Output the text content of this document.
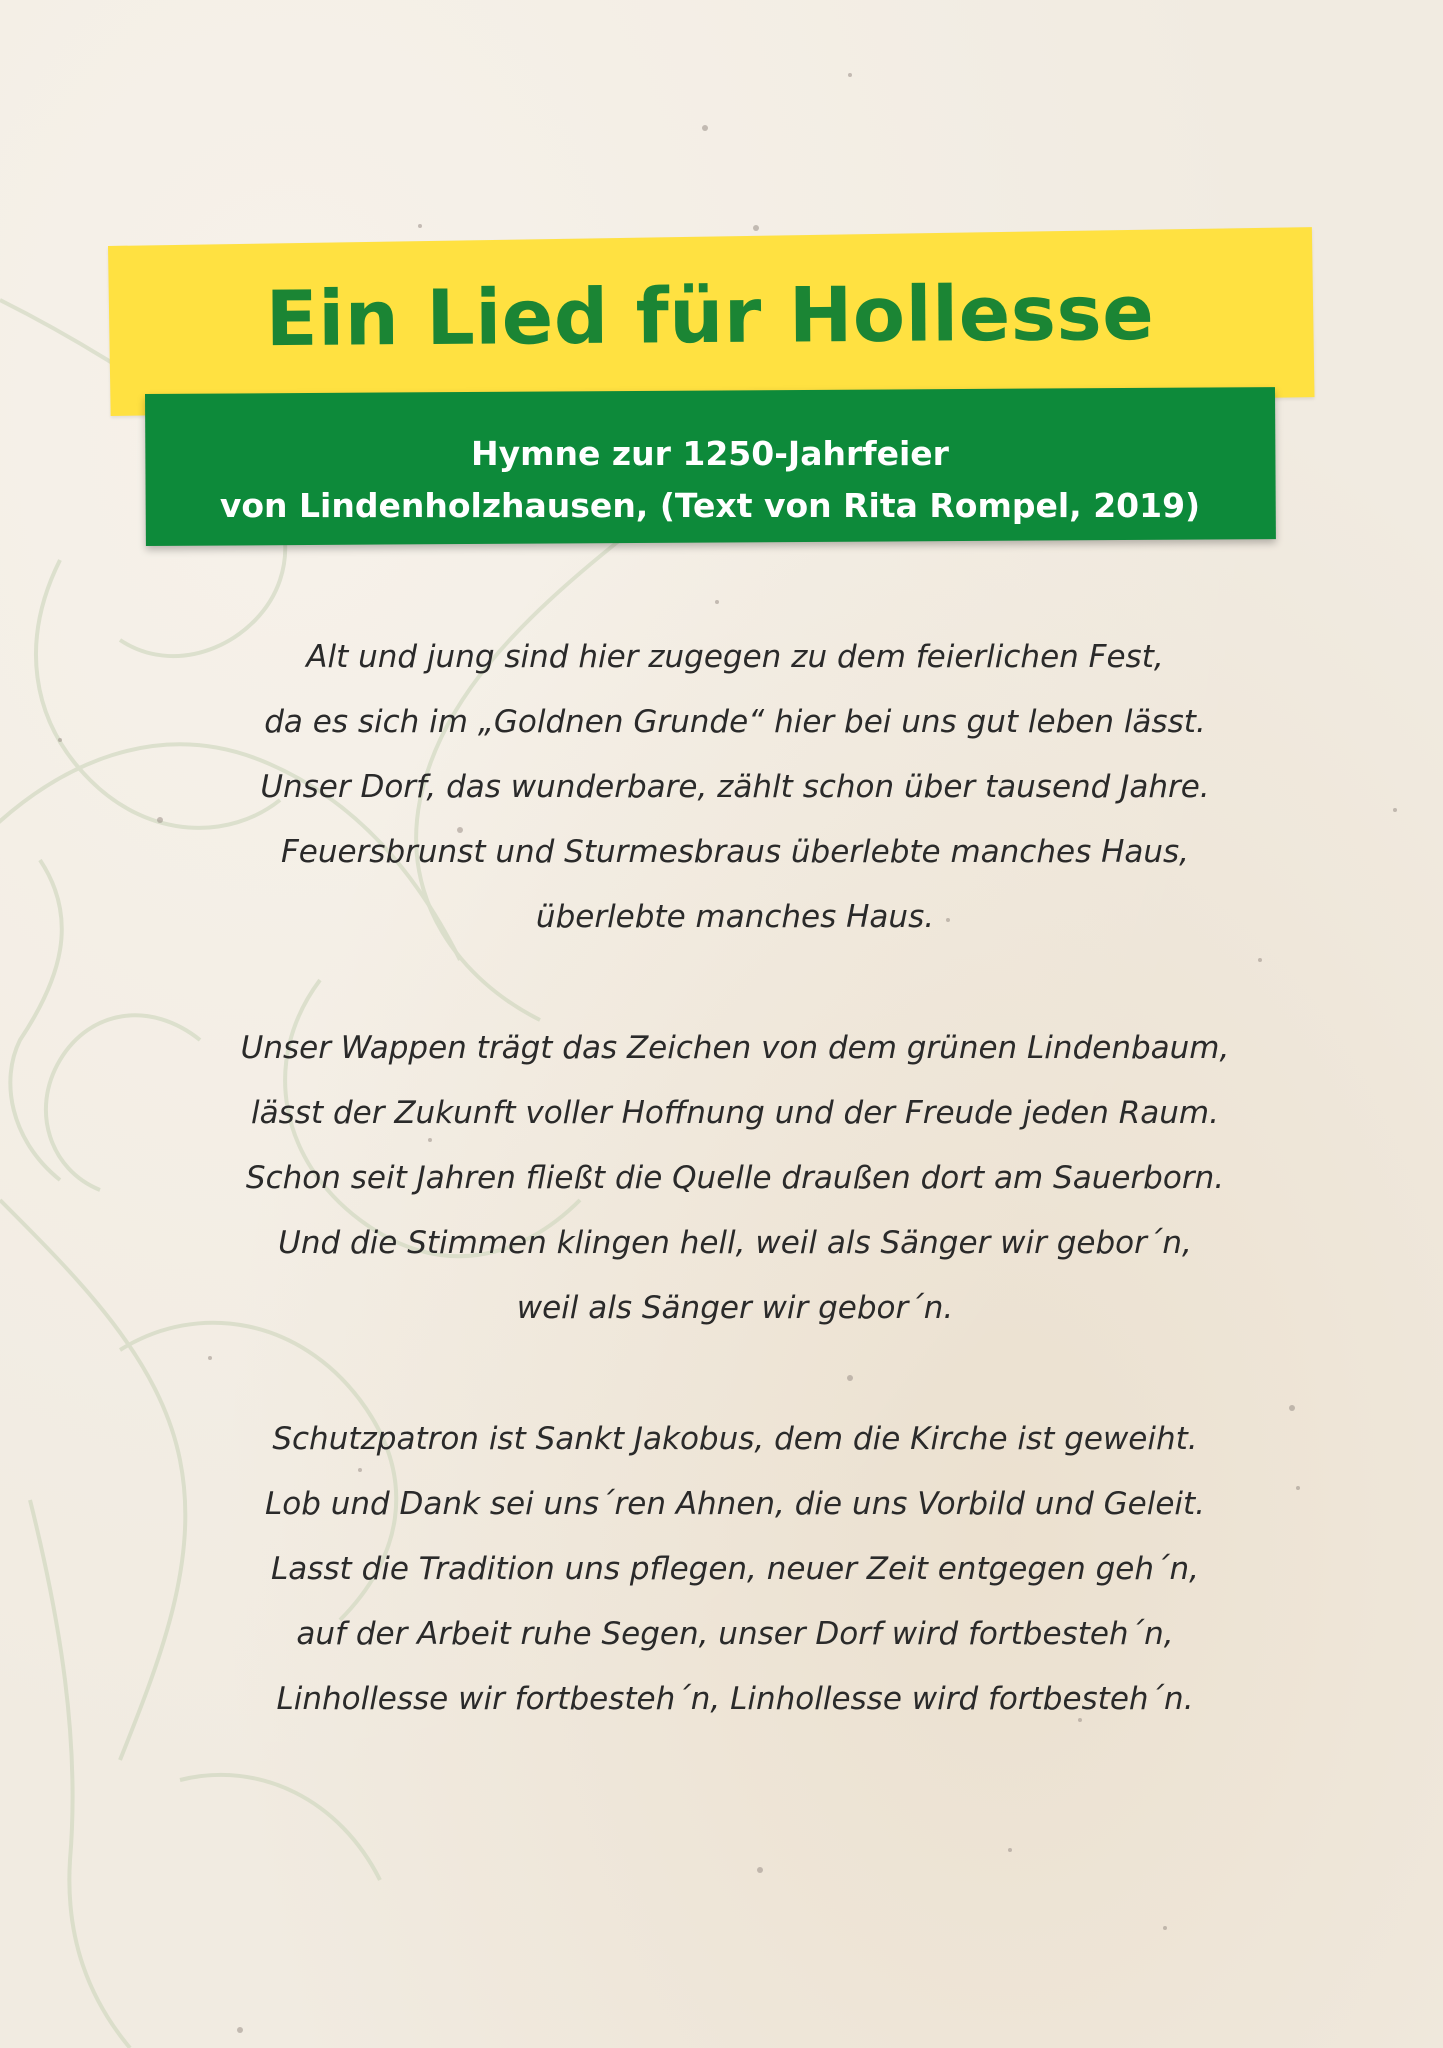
Ein Lied für Hollesse
Hymne zur 1250-Jahrfeier
von Lindenholzhausen, (Text von Rita Rompel, 2019)
Alt und jung sind hier zugegen zu dem feierlichen Fest,
da es sich im „Goldnen Grunde“ hier bei uns gut leben lässt.
Unser Dorf, das wunderbare, zählt schon über tausend Jahre.
Feuersbrunst und Sturmesbraus überlebte manches Haus,
überlebte manches Haus.
Unser Wappen trägt das Zeichen von dem grünen Lindenbaum,
lässt der Zukunft voller Hoffnung und der Freude jeden Raum.
Schon seit Jahren fließt die Quelle draußen dort am Sauerborn.
Und die Stimmen klingen hell, weil als Sänger wir gebor´n,
weil als Sänger wir gebor´n.
Schutzpatron ist Sankt Jakobus, dem die Kirche ist geweiht.
Lob und Dank sei uns´ren Ahnen, die uns Vorbild und Geleit.
Lasst die Tradition uns pflegen, neuer Zeit entgegen geh´n,
auf der Arbeit ruhe Segen, unser Dorf wird fortbesteh´n,
Linhollesse wir fortbesteh´n, Linhollesse wird fortbesteh´n.
